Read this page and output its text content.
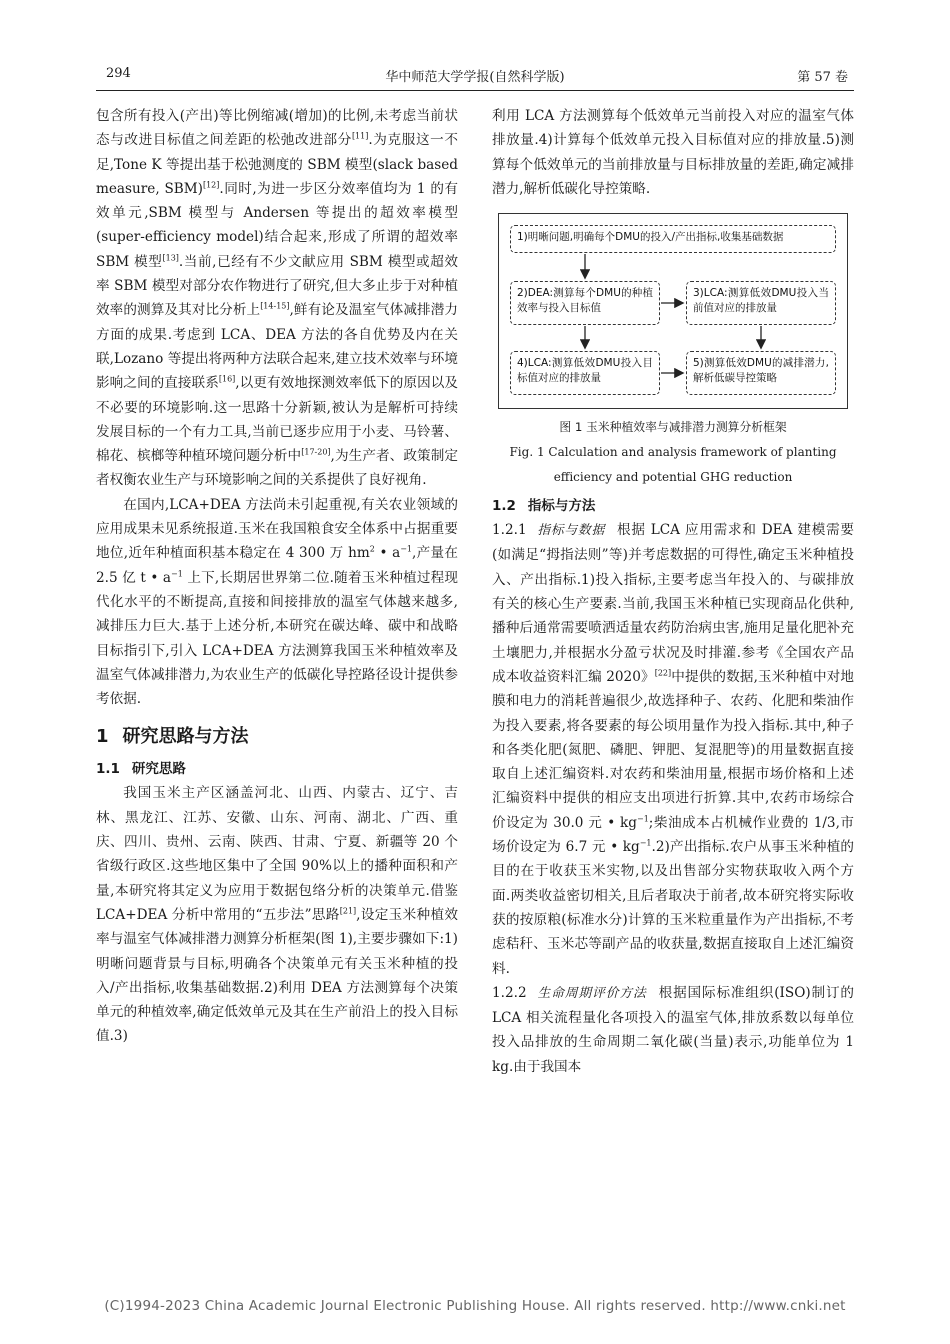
294	华中师范大学学报(自然科学版)	第 57 卷

包含所有投入(产出)等比例缩减(增加)的比例,未考虑当前状态与改进目标值之间差距的松弛改进部分[11].为克服这一不足,Tone K 等提出基于松弛测度的 SBM 模型(slack based measure, SBM)[12].同时,为进一步区分效率值均为 1 的有效单元,SBM 模型与 Andersen 等提出的超效率模型(super-efficiency model)结合起来,形成了所谓的超效率 SBM 模型[13].当前,已经有不少文献应用 SBM 模型或超效率 SBM 模型对部分农作物进行了研究,但大多止步于对种植效率的测算及其对比分析上[14-15],鲜有论及温室气体减排潜力方面的成果.考虑到 LCA、DEA 方法的各自优势及内在关联,Lozano 等提出将两种方法联合起来,建立技术效率与环境影响之间的直接联系[16],以更有效地探测效率低下的原因以及不必要的环境影响.这一思路十分新颖,被认为是解析可持续发展目标的一个有力工具,当前已逐步应用于小麦、马铃薯、棉花、槟榔等种植环境问题分析中[17-20],为生产者、政策制定者权衡农业生产与环境影响之间的关系提供了良好视角.

在国内,LCA+DEA 方法尚未引起重视,有关农业领域的应用成果未见系统报道.玉米在我国粮食安全体系中占据重要地位,近年种植面积基本稳定在 4 300 万 $hm^2$ • $a^{-1}$,产量在 2.5 亿 t • $a^{-1}$ 上下,长期居世界第二位.随着玉米种植过程现代化水平的不断提高,直接和间接排放的温室气体越来越多,减排压力巨大.基于上述分析,本研究在碳达峰、碳中和战略目标指引下,引入 LCA+DEA 方法测算我国玉米种植效率及温室气体减排潜力,为农业生产的低碳化导控路径设计提供参考依据.

1 研究思路与方法
1.1 研究思路

我国玉米主产区涵盖河北、山西、内蒙古、辽宁、吉林、黑龙江、江苏、安徽、山东、河南、湖北、广西、重庆、四川、贵州、云南、陕西、甘肃、宁夏、新疆等 20 个省级行政区.这些地区集中了全国 90%以上的播种面积和产量,本研究将其定义为应用于数据包络分析的决策单元.借鉴 LCA+DEA 分析中常用的“五步法”思路[21],设定玉米种植效率与温室气体减排潜力测算分析框架(图 1),主要步骤如下:1)明晰问题背景与目标,明确各个决策单元有关玉米种植的投入/产出指标,收集基础数据.2)利用 DEA 方法测算每个决策单元的种植效率,确定低效单元及其在生产前沿上的投入目标值.3)

利用 LCA 方法测算每个低效单元当前投入对应的温室气体排放量.4)计算每个低效单元投入目标值对应的排放量.5)测算每个低效单元的当前排放量与目标排放量的差距,确定减排潜力,解析低碳化导控策略.

1)明晰问题,明确每个DMU的投入/产出指标,收集基础数据
2)DEA:测算每个DMU的种植效率与投入目标值
3)LCA:测算低效DMU投入当前值对应的排放量
4)LCA:测算低效DMU投入目标值对应的排放量
5)测算低效DMU的减排潜力,解析低碳导控策略
图 1 玉米种植效率与减排潜力测算分析框架
Fig. 1 Calculation and analysis framework of planting
efficiency and potential GHG reduction
1.2 指标与方法

1.2.1 指标与数据 根据 LCA 应用需求和 DEA 建模需要(如满足“拇指法则”等)并考虑数据的可得性,确定玉米种植投入、产出指标.1)投入指标,主要考虑当年投入的、与碳排放有关的核心生产要素.当前,我国玉米种植已实现商品化供种,播种后通常需要喷洒适量农药防治病虫害,施用足量化肥补充土壤肥力,并根据水分盈亏状况及时排灌.参考《全国农产品成本收益资料汇编 2020》[22]中提供的数据,玉米种植中对地膜和电力的消耗普遍很少,故选择种子、农药、化肥和柴油作为投入要素,将各要素的每公顷用量作为投入指标.其中,种子和各类化肥(氮肥、磷肥、钾肥、复混肥等)的用量数据直接取自上述汇编资料.对农药和柴油用量,根据市场价格和上述汇编资料中提供的相应支出项进行折算.其中,农药市场综合价设定为 30.0 元 • $kg^{-1}$;柴油成本占机械作业费的 1/3,市场价设定为 6.7 元 • $kg^{-1}.2$)产出指标.农户从事玉米种植的目的在于收获玉米实物,以及出售部分实物获取收入两个方面.两类收益密切相关,且后者取决于前者,故本研究将实际收获的按原粮(标准水分)计算的玉米粒重量作为产出指标,不考虑秸秆、玉米芯等副产品的收获量,数据直接取自上述汇编资料.

1.2.2 生命周期评价方法 根据国际标准组织(ISO)制订的 LCA 相关流程量化各项投入的温室气体,排放系数以每单位投入品排放的生命周期二氧化碳(当量)表示,功能单位为 1 kg.由于我国本

(C)1994-2023 China Academic Journal Electronic Publishing House. All rights reserved. http://www.cnki.net
